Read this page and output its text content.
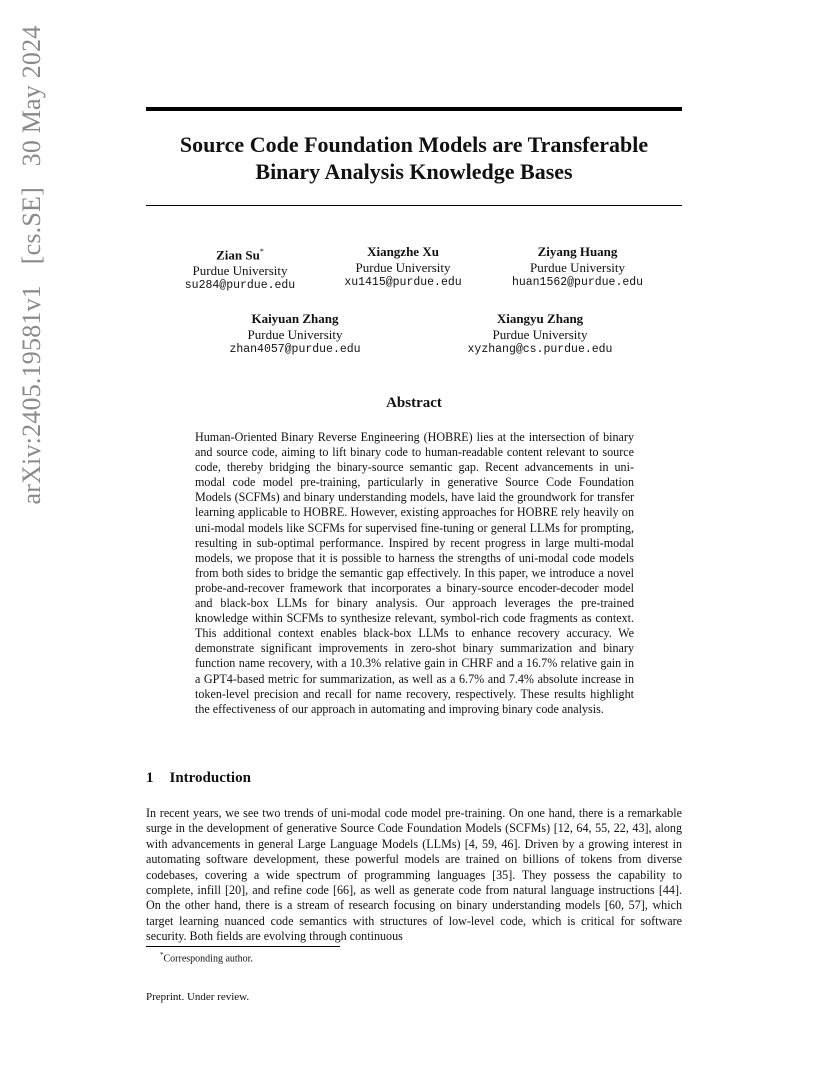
arXiv:2405.19581v1 [cs.SE] 30 May 2024	Source Code Foundation Models are Transferable Binary Analysis Knowledge Bases
Zian Su*
Purdue University
su284@purdue.edu
Xiangzhe Xu
Purdue University
xu1415@purdue.edu
Ziyang Huang
Purdue University
huan1562@purdue.edu
Kaiyuan Zhang
Purdue University
zhan4057@purdue.edu
Xiangyu Zhang
Purdue University
xyzhang@cs.purdue.edu
Abstract

Human-Oriented Binary Reverse Engineering (HOBRE) lies at the intersection of binary and source code, aiming to lift binary code to human-readable content relevant to source code, thereby bridging the binary-source semantic gap. Recent advancements in uni-modal code model pre-training, particularly in generative Source Code Foundation Models (SCFMs) and binary understanding models, have laid the groundwork for transfer learning applicable to HOBRE. However, existing approaches for HOBRE rely heavily on uni-modal models like SCFMs for supervised fine-tuning or general LLMs for prompting, resulting in sub-optimal performance. Inspired by recent progress in large multi-modal models, we propose that it is possible to harness the strengths of uni-modal code models from both sides to bridge the semantic gap effectively. In this paper, we introduce a novel probe-and-recover framework that incorporates a binary-source encoder-decoder model and black-box LLMs for binary analysis. Our approach leverages the pre-trained knowledge within SCFMs to synthesize relevant, symbol-rich code fragments as context. This additional context enables black-box LLMs to enhance recovery accuracy. We demonstrate significant improvements in zero-shot binary summarization and binary function name recovery, with a 10.3% relative gain in CHRF and a 16.7% relative gain in a GPT4-based metric for summarization, as well as a 6.7% and 7.4% absolute increase in token-level precision and recall for name recovery, respectively. These results highlight the effectiveness of our approach in automating and improving binary code analysis.

1 Introduction

In recent years, we see two trends of uni-modal code model pre-training. On one hand, there is a remarkable surge in the development of generative Source Code Foundation Models (SCFMs) [12, 64, 55, 22, 43], along with advancements in general Large Language Models (LLMs) [4, 59, 46]. Driven by a growing interest in automating software development, these powerful models are trained on billions of tokens from diverse codebases, covering a wide spectrum of programming languages [35]. They possess the capability to complete, infill [20], and refine code [66], as well as generate code from natural language instructions [44]. On the other hand, there is a stream of research focusing on binary understanding models [60, 57], which target learning nuanced code semantics with structures of low-level code, which is critical for software security. Both fields are evolving through continuous

*Corresponding author.

Preprint. Under review.
